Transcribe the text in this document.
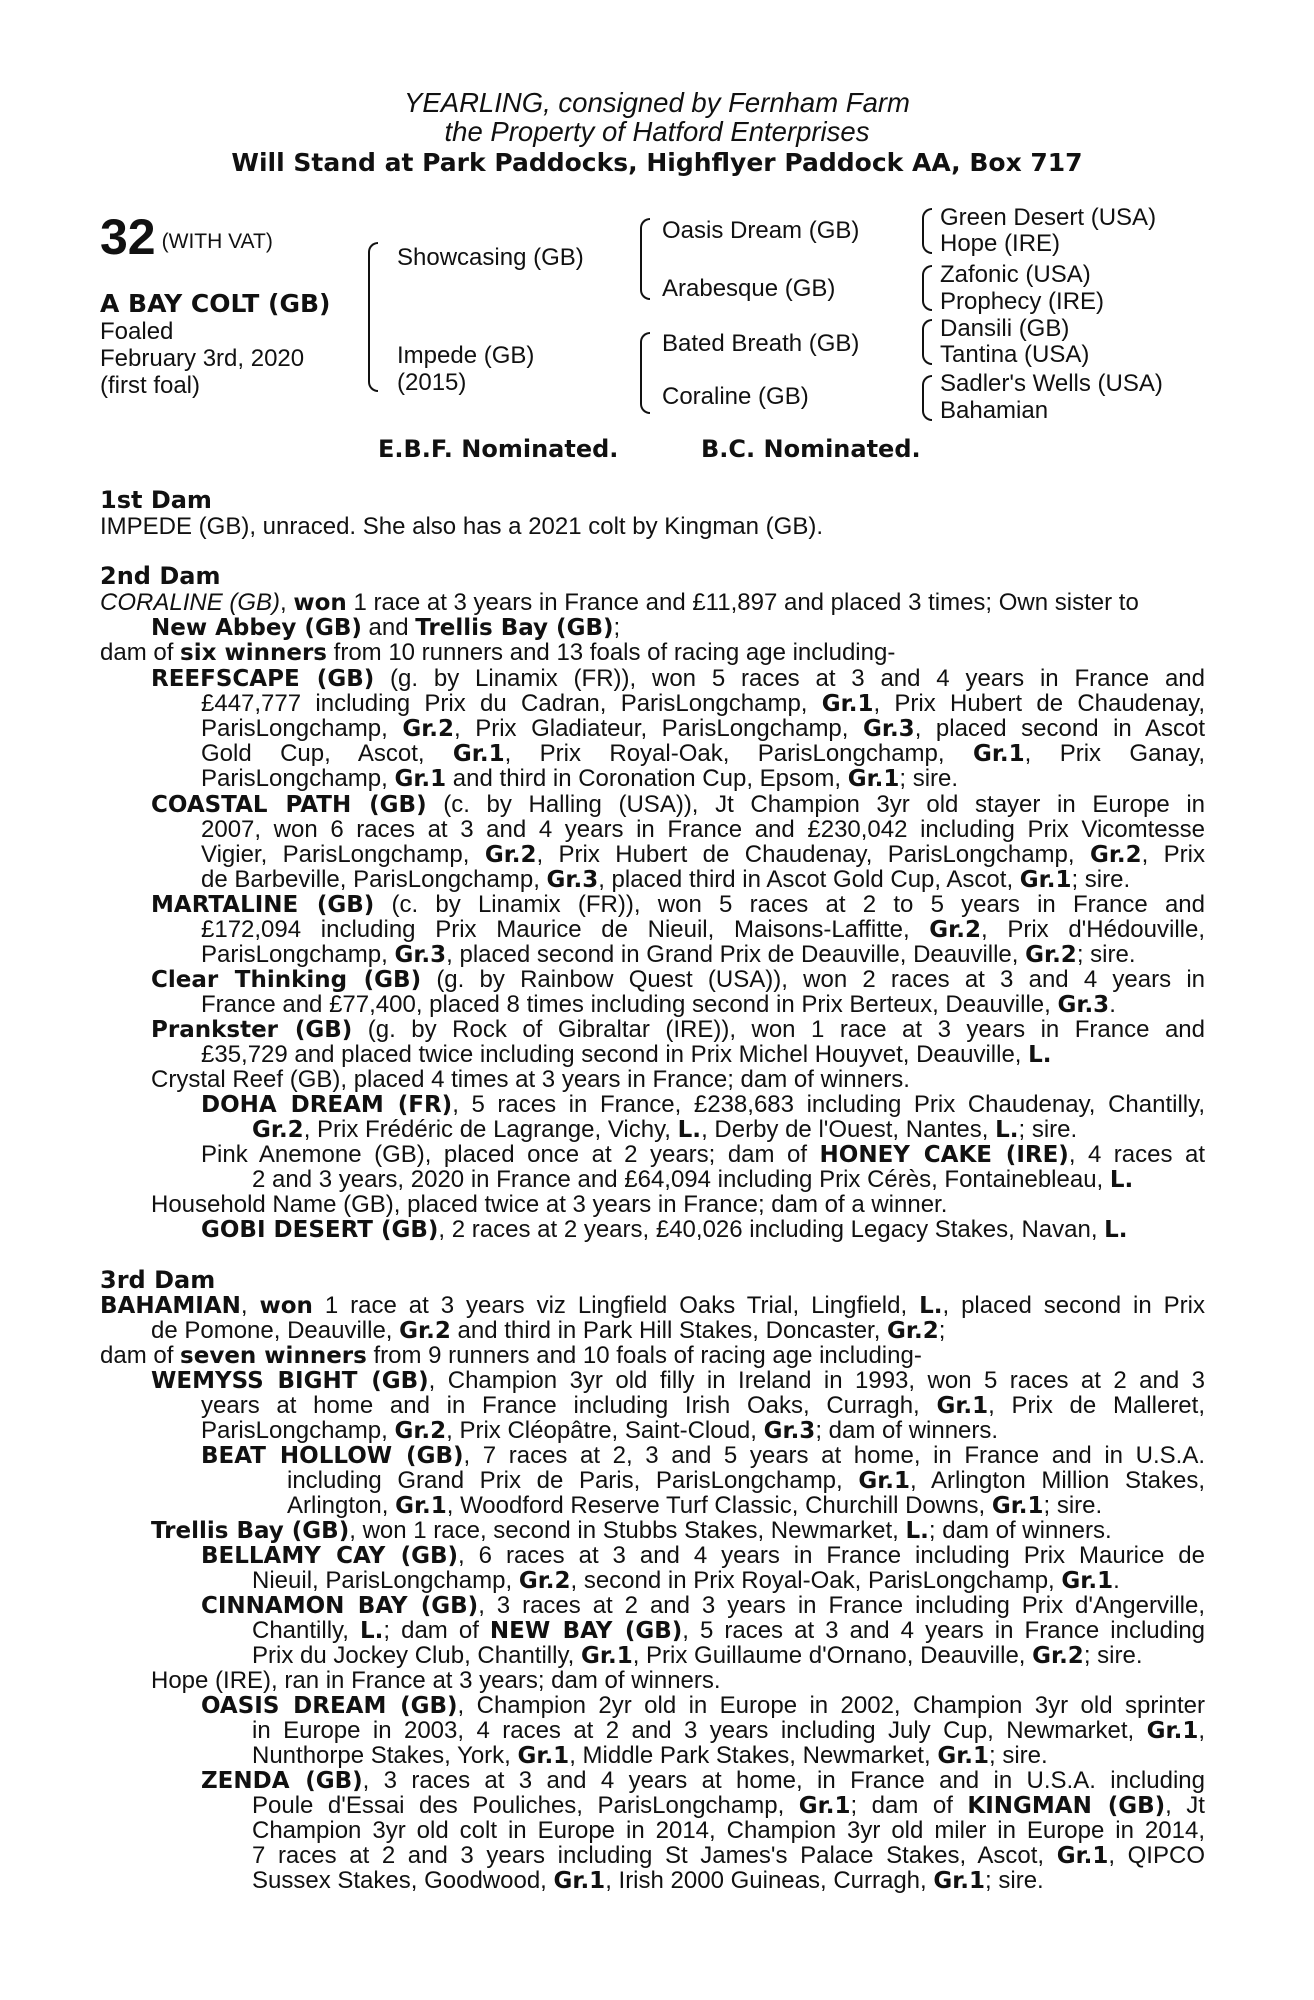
YEARLING, consigned by Fernham Farm
the Property of Hatford Enterprises
Will Stand at Park Paddocks, Highflyer Paddock AA, Box 717
32 (WITH VAT)
A BAY COLT (GB)
Foaled
February 3rd, 2020
(first foal)
Showcasing (GB)
Impede (GB)
(2015)
Oasis Dream (GB)
Arabesque (GB)
Bated Breath (GB)
Coraline (GB)
Green Desert (USA)
Hope (IRE)
Zafonic (USA)
Prophecy (IRE)
Dansili (GB)
Tantina (USA)
Sadler's Wells (USA)
Bahamian
E.B.F. Nominated.	B.C. Nominated.
1st Dam
IMPEDE (GB), unraced. She also has a 2021 colt by Kingman (GB).
2nd Dam
CORALINE (GB), won 1 race at 3 years in France and £11,897 and placed 3 times; Own sister to
New Abbey (GB) and Trellis Bay (GB);
dam of six winners from 10 runners and 13 foals of racing age including-
REEFSCAPE (GB) (g. by Linamix (FR)), won 5 races at 3 and 4 years in France and
£447,777 including Prix du Cadran, ParisLongchamp, Gr.1, Prix Hubert de Chaudenay,
ParisLongchamp, Gr.2, Prix Gladiateur, ParisLongchamp, Gr.3, placed second in Ascot
Gold Cup, Ascot, Gr.1, Prix Royal-Oak, ParisLongchamp, Gr.1, Prix Ganay,
ParisLongchamp, Gr.1 and third in Coronation Cup, Epsom, Gr.1; sire.
COASTAL PATH (GB) (c. by Halling (USA)), Jt Champion 3yr old stayer in Europe in
2007, won 6 races at 3 and 4 years in France and £230,042 including Prix Vicomtesse
Vigier, ParisLongchamp, Gr.2, Prix Hubert de Chaudenay, ParisLongchamp, Gr.2, Prix
de Barbeville, ParisLongchamp, Gr.3, placed third in Ascot Gold Cup, Ascot, Gr.1; sire.
MARTALINE (GB) (c. by Linamix (FR)), won 5 races at 2 to 5 years in France and
£172,094 including Prix Maurice de Nieuil, Maisons-Laffitte, Gr.2, Prix d'Hédouville,
ParisLongchamp, Gr.3, placed second in Grand Prix de Deauville, Deauville, Gr.2; sire.
Clear Thinking (GB) (g. by Rainbow Quest (USA)), won 2 races at 3 and 4 years in
France and £77,400, placed 8 times including second in Prix Berteux, Deauville, Gr.3.
Prankster (GB) (g. by Rock of Gibraltar (IRE)), won 1 race at 3 years in France and
£35,729 and placed twice including second in Prix Michel Houyvet, Deauville, L.
Crystal Reef (GB), placed 4 times at 3 years in France; dam of winners.
DOHA DREAM (FR), 5 races in France, £238,683 including Prix Chaudenay, Chantilly,
Gr.2, Prix Frédéric de Lagrange, Vichy, L., Derby de l'Ouest, Nantes, L.; sire.
Pink Anemone (GB), placed once at 2 years; dam of HONEY CAKE (IRE), 4 races at
2 and 3 years, 2020 in France and £64,094 including Prix Cérès, Fontainebleau, L.
Household Name (GB), placed twice at 3 years in France; dam of a winner.
GOBI DESERT (GB), 2 races at 2 years, £40,026 including Legacy Stakes, Navan, L.
3rd Dam
BAHAMIAN, won 1 race at 3 years viz Lingfield Oaks Trial, Lingfield, L., placed second in Prix
de Pomone, Deauville, Gr.2 and third in Park Hill Stakes, Doncaster, Gr.2;
dam of seven winners from 9 runners and 10 foals of racing age including-
WEMYSS BIGHT (GB), Champion 3yr old filly in Ireland in 1993, won 5 races at 2 and 3
years at home and in France including Irish Oaks, Curragh, Gr.1, Prix de Malleret,
ParisLongchamp, Gr.2, Prix Cléopâtre, Saint-Cloud, Gr.3; dam of winners.
BEAT HOLLOW (GB), 7 races at 2, 3 and 5 years at home, in France and in U.S.A.
including Grand Prix de Paris, ParisLongchamp, Gr.1, Arlington Million Stakes,
Arlington, Gr.1, Woodford Reserve Turf Classic, Churchill Downs, Gr.1; sire.
Trellis Bay (GB), won 1 race, second in Stubbs Stakes, Newmarket, L.; dam of winners.
BELLAMY CAY (GB), 6 races at 3 and 4 years in France including Prix Maurice de
Nieuil, ParisLongchamp, Gr.2, second in Prix Royal-Oak, ParisLongchamp, Gr.1.
CINNAMON BAY (GB), 3 races at 2 and 3 years in France including Prix d'Angerville,
Chantilly, L.; dam of NEW BAY (GB), 5 races at 3 and 4 years in France including
Prix du Jockey Club, Chantilly, Gr.1, Prix Guillaume d'Ornano, Deauville, Gr.2; sire.
Hope (IRE), ran in France at 3 years; dam of winners.
OASIS DREAM (GB), Champion 2yr old in Europe in 2002, Champion 3yr old sprinter
in Europe in 2003, 4 races at 2 and 3 years including July Cup, Newmarket, Gr.1,
Nunthorpe Stakes, York, Gr.1, Middle Park Stakes, Newmarket, Gr.1; sire.
ZENDA (GB), 3 races at 3 and 4 years at home, in France and in U.S.A. including
Poule d'Essai des Pouliches, ParisLongchamp, Gr.1; dam of KINGMAN (GB), Jt
Champion 3yr old colt in Europe in 2014, Champion 3yr old miler in Europe in 2014,
7 races at 2 and 3 years including St James's Palace Stakes, Ascot, Gr.1, QIPCO
Sussex Stakes, Goodwood, Gr.1, Irish 2000 Guineas, Curragh, Gr.1; sire.
